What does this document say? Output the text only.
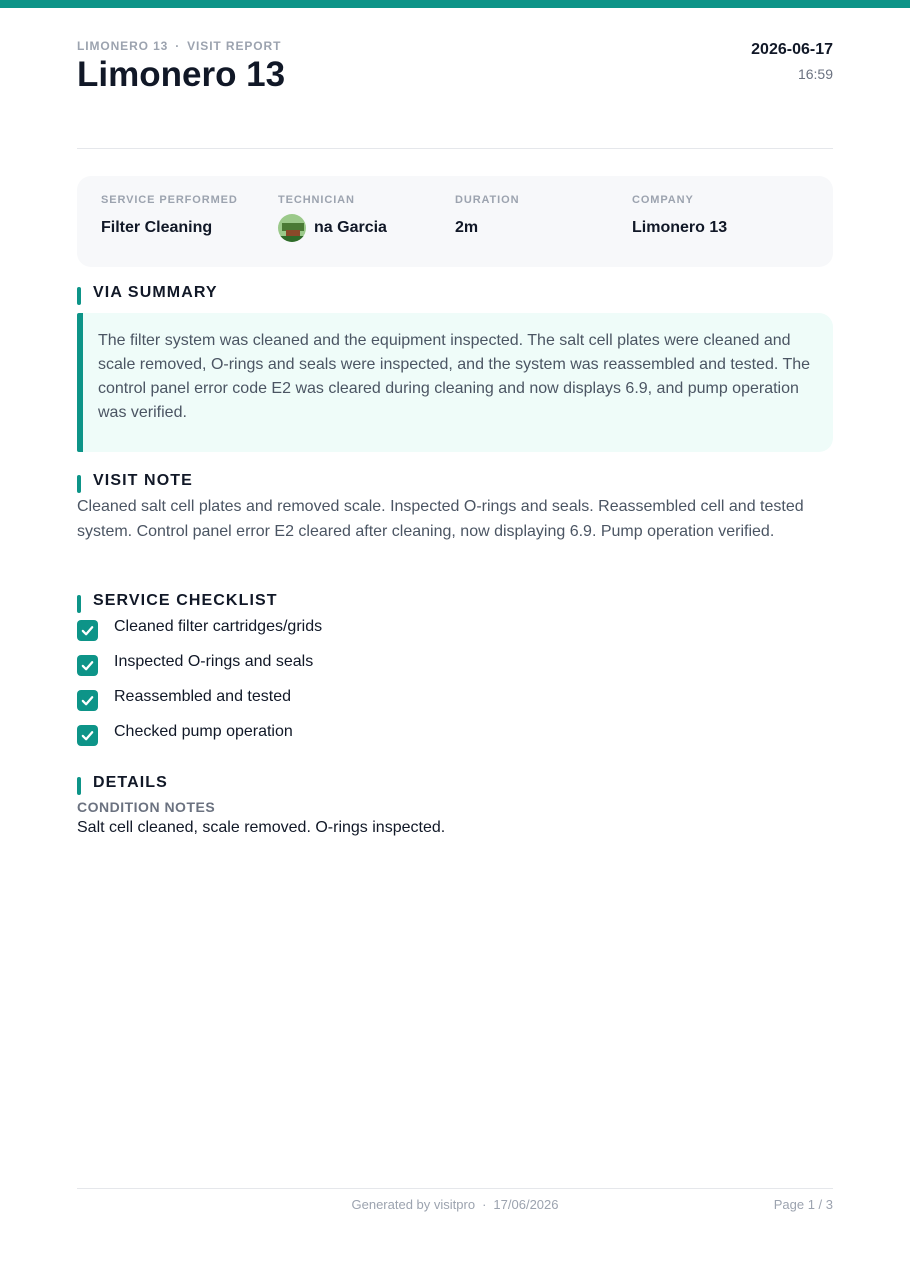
LIMONERO 13 · VISIT REPORT
Limonero 13
2026-06-17
16:59
SERVICE PERFORMED
Filter Cleaning
TECHNICIAN
na Garcia
DURATION
2m
COMPANY
Limonero 13
VIA SUMMARY
The filter system was cleaned and the equipment inspected. The salt cell plates were cleaned and scale removed, O-rings and seals were inspected, and the system was reassembled and tested. The control panel error code E2 was cleared during cleaning and now displays 6.9, and pump operation was verified.
VISIT NOTE
Cleaned salt cell plates and removed scale. Inspected O-rings and seals. Reassembled cell and tested system. Control panel error E2 cleared after cleaning, now displaying 6.9. Pump operation verified.
SERVICE CHECKLIST
Cleaned filter cartridges/grids
Inspected O-rings and seals
Reassembled and tested
Checked pump operation
DETAILS
CONDITION NOTES
Salt cell cleaned, scale removed. O-rings inspected.
Generated by visitpro · 17/06/2026	Page 1 / 3
